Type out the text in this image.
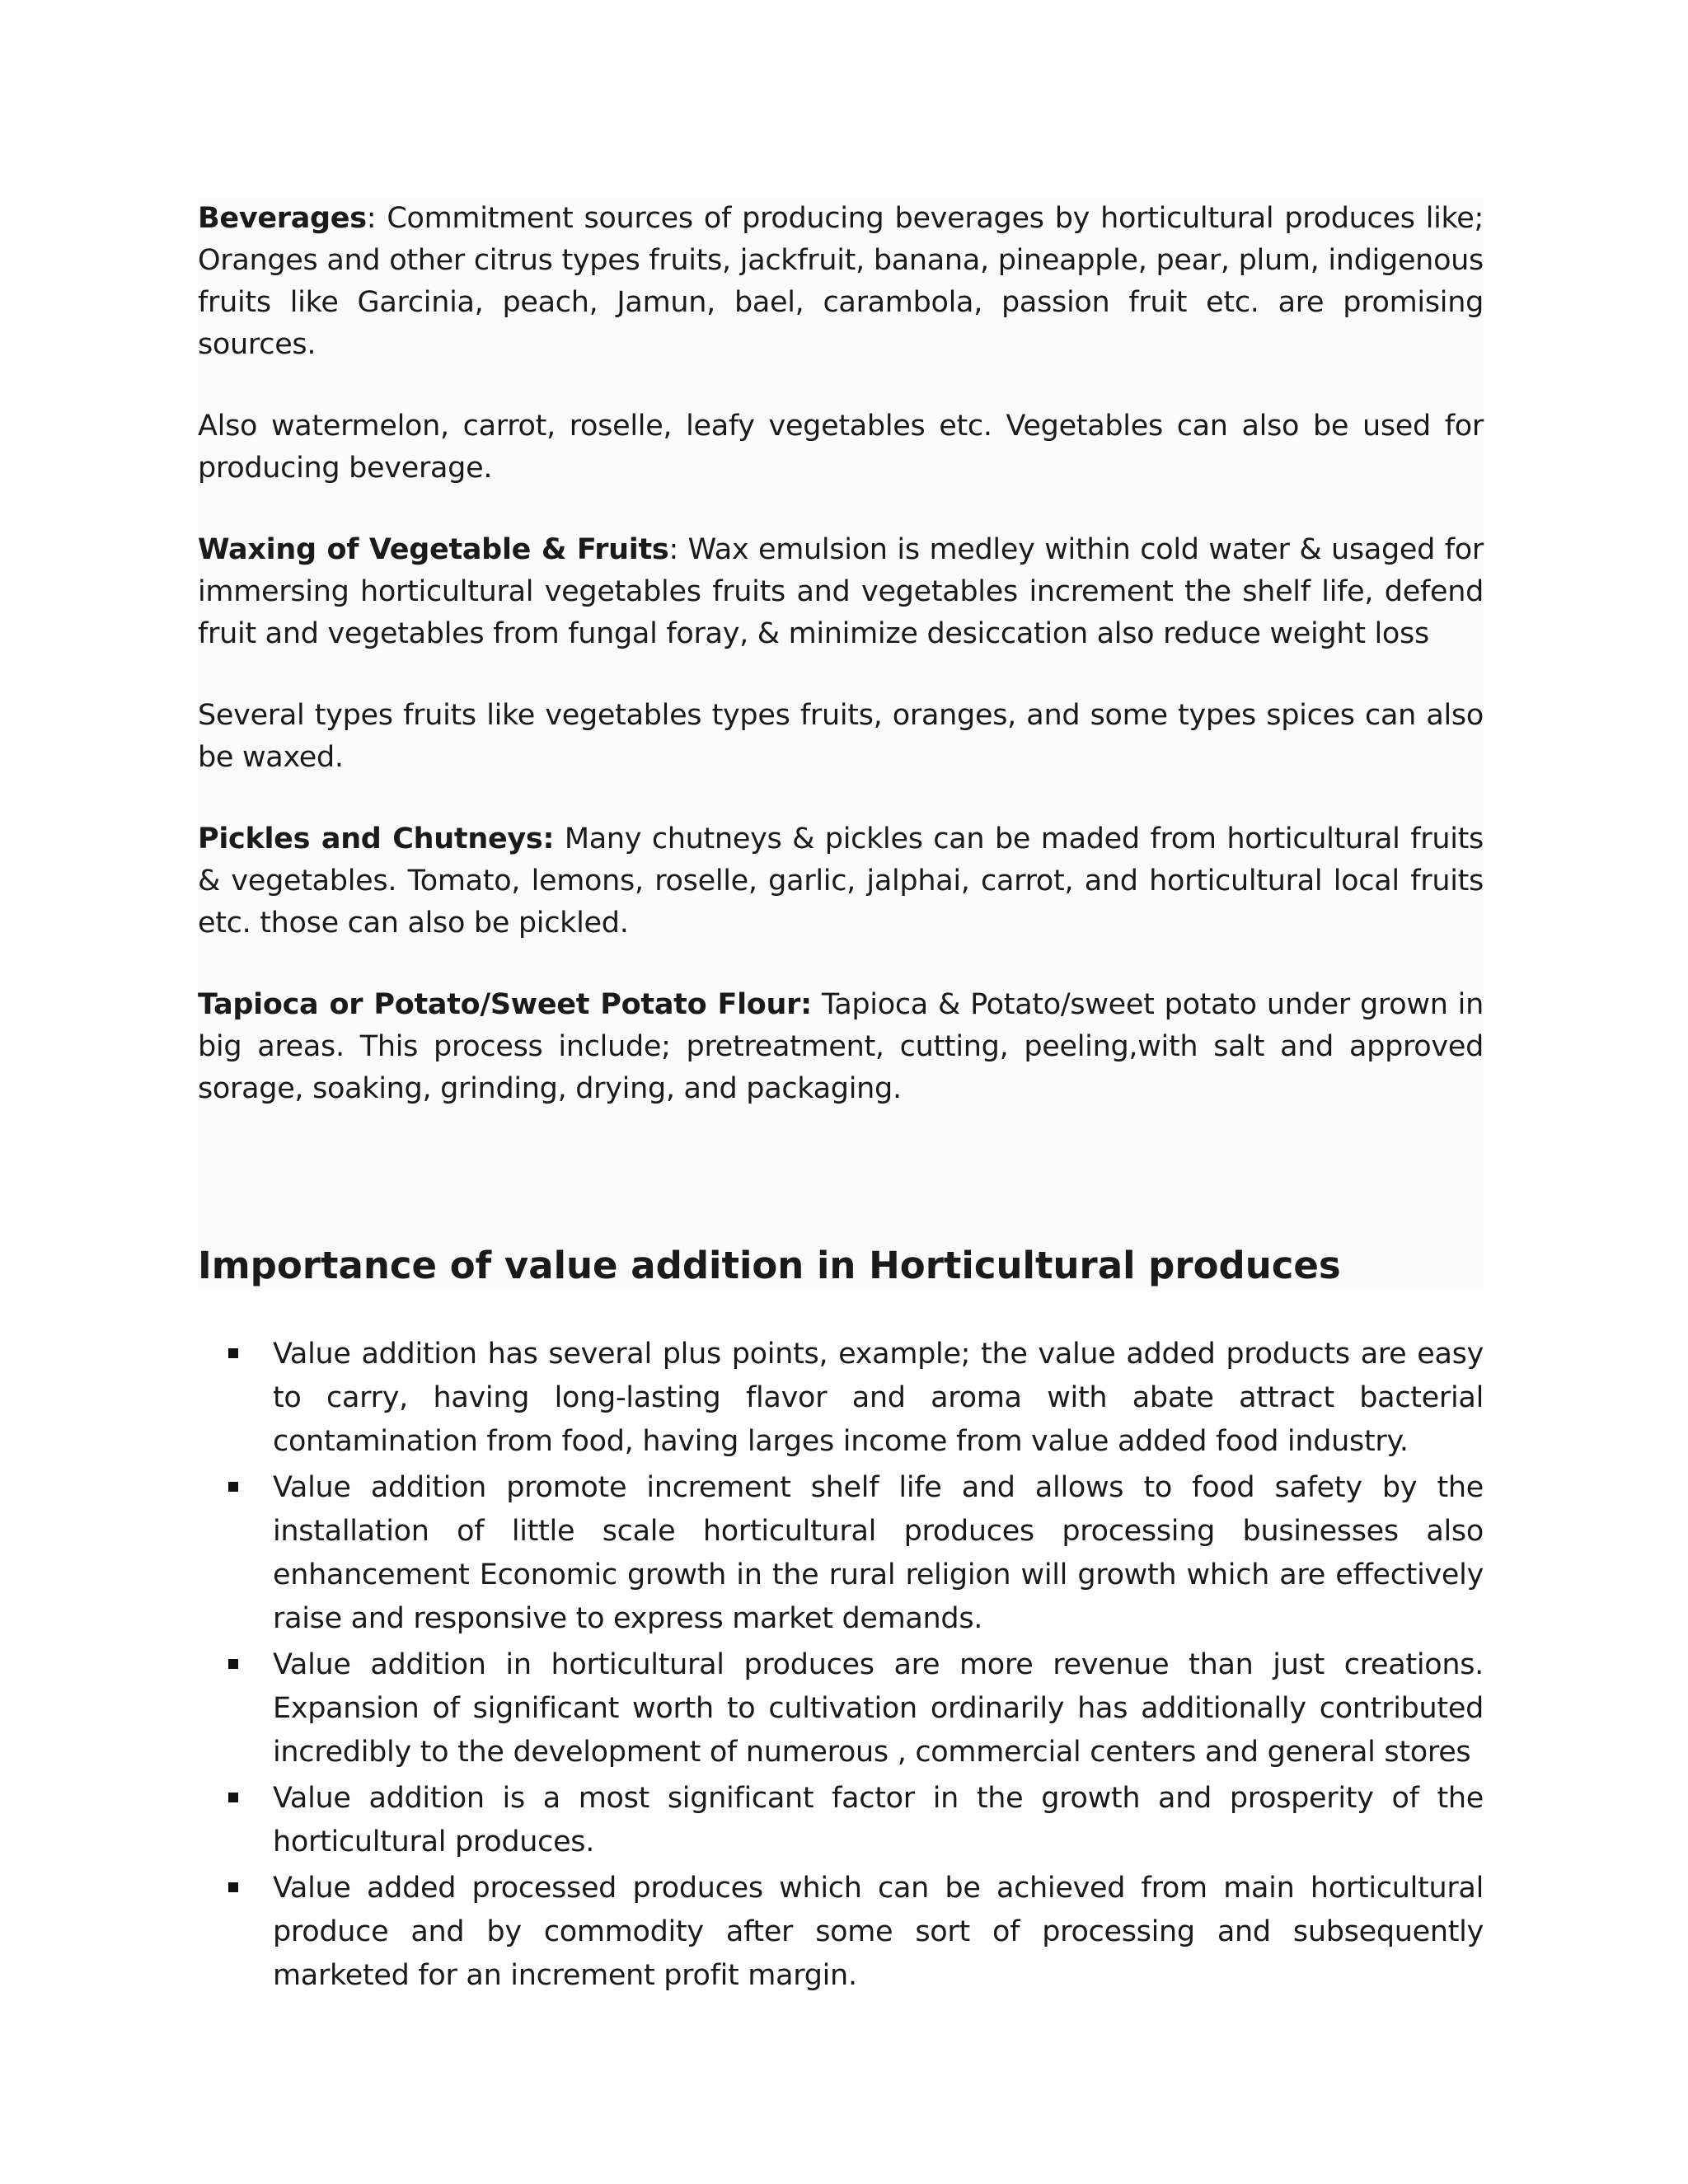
Beverages: Commitment sources of producing beverages by horticultural produces like; Oranges and other citrus types fruits, jackfruit, banana, pineapple, pear, plum, indigenous fruits like Garcinia, peach, Jamun, bael, carambola, passion fruit etc. are promising sources.

Also watermelon, carrot, roselle, leafy vegetables etc. Vegetables can also be used for producing beverage.

Waxing of Vegetable & Fruits: Wax emulsion is medley within cold water & usaged for immersing horticultural vegetables fruits and vegetables increment the shelf life, defend fruit and vegetables from fungal foray, & minimize desiccation also reduce weight loss

Several types fruits like vegetables types fruits, oranges, and some types spices can also be waxed.

Pickles and Chutneys: Many chutneys & pickles can be maded from horticultural fruits & vegetables. Tomato, lemons, roselle, garlic, jalphai, carrot, and horticultural local fruits etc. those can also be pickled.

Tapioca or Potato/Sweet Potato Flour: Tapioca & Potato/sweet potato under grown in big areas. This process include; pretreatment, cutting, peeling,with salt and approved sorage, soaking, grinding, drying, and packaging.

Importance of value addition in Horticultural produces
Value addition has several plus points, example; the value added products are easy to carry, having long-lasting flavor and aroma with abate attract bacterial contamination from food, having larges income from value added food industry.
Value addition promote increment shelf life and allows to food safety by the installation of little scale horticultural produces processing businesses also enhancement Economic growth in the rural religion will growth which are effectively raise and responsive to express market demands.
Value addition in horticultural produces are more revenue than just creations. Expansion of significant worth to cultivation ordinarily has additionally contributed incredibly to the development of numerous , commercial centers and general stores
Value addition is a most significant factor in the growth and prosperity of the horticultural produces.
Value added processed produces which can be achieved from main horticultural produce and by commodity after some sort of processing and subsequently marketed for an increment profit margin.
